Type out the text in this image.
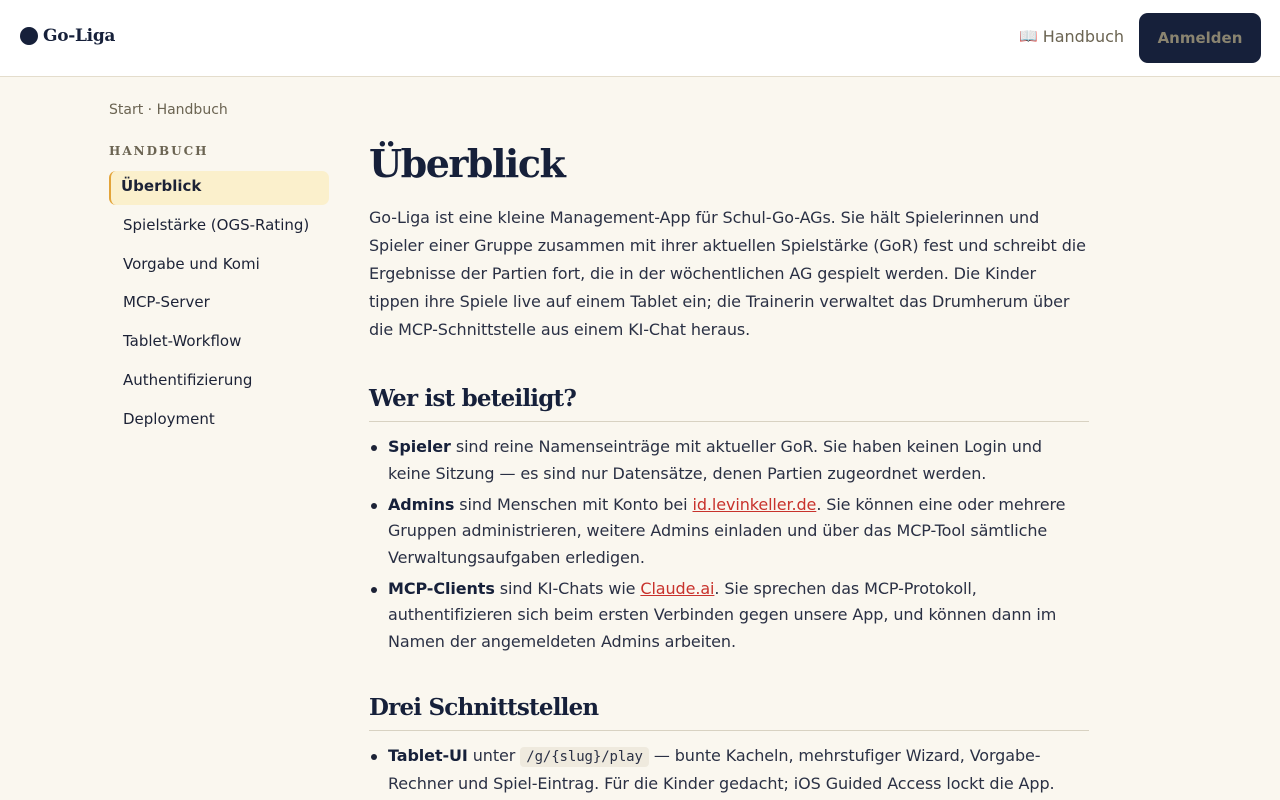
Go-Liga	📖 Handbuch	Anmelden
Start · Handbuch
HANDBUCH
Überblick
Spielstärke (OGS-Rating)
Vorgabe und Komi
MCP-Server
Tablet-Workflow
Authentifizierung
Deployment
Überblick

Go-Liga ist eine kleine Management-App für Schul-Go-AGs. Sie hält Spielerinnen und Spieler einer Gruppe zusammen mit ihrer aktuellen Spielstärke (GoR) fest und schreibt die Ergebnisse der Partien fort, die in der wöchentlichen AG gespielt werden. Die Kinder tippen ihre Spiele live auf einem Tablet ein; die Trainerin verwaltet das Drumherum über die MCP-Schnittstelle aus einem KI-Chat heraus.

Wer ist beteiligt?
Spieler sind reine Namenseinträge mit aktueller GoR. Sie haben keinen Login und keine Sitzung — es sind nur Datensätze, denen Partien zugeordnet werden.
Admins sind Menschen mit Konto bei id.levinkeller.de. Sie können eine oder mehrere Gruppen administrieren, weitere Admins einladen und über das MCP-Tool sämtliche Verwaltungsaufgaben erledigen.
MCP-Clients sind KI-Chats wie Claude.ai. Sie sprechen das MCP-Protokoll, authentifizieren sich beim ersten Verbinden gegen unsere App, und können dann im Namen der angemeldeten Admins arbeiten.
Drei Schnittstellen
Tablet-UI unter /g/{slug}/play — bunte Kacheln, mehrstufiger Wizard, Vorgabe-Rechner und Spiel-Eintrag. Für die Kinder gedacht; iOS Guided Access lockt die App.
